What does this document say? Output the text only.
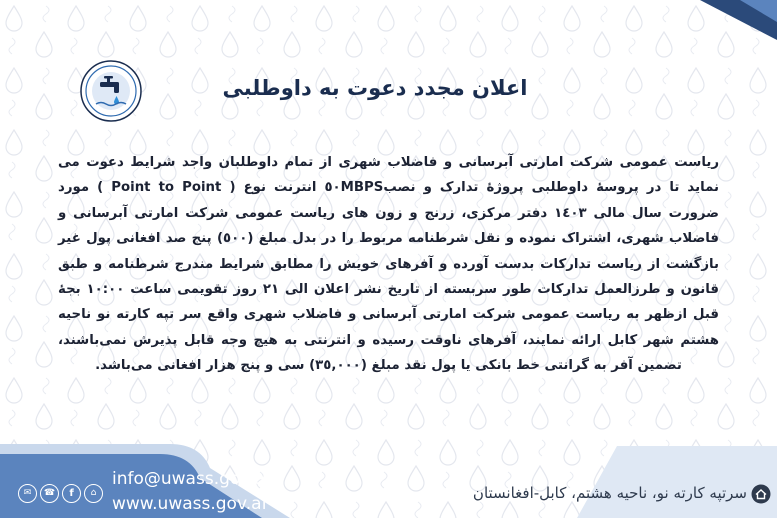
اعلان مجدد دعوت به داوطلبی
ریاست عمومی شرکت امارتی آبرسانی و فاضلاب شهری از تمام داوطلبان واجد شرایط دعوت می نماید تا در پروسهٔ داوطلبی پروژهٔ تدارک و نصب٥٠MBPS انترنت نوع ( Point to Point ) مورد ضرورت سال مالی ١٤٠٣ دفتر مرکزی، زرنج و زون های ریاست عمومی شرکت امارتی آبرسانی و فاضلاب شهری، اشتراک نموده و نقل شرطنامه مربوط را در بدل مبلغ (٥٠٠) پنج صد افغانی پول غیر بازگشت از ریاست تدارکات بدست آورده و آفرهای خویش را مطابق شرایط مندرج شرطنامه و طبق قانون و طرزالعمل تدارکات طور سربسته از تاریخ نشر اعلان الی ٢١ روز تقویمی ساعت ١٠:٠٠ بجهٔ قبل ازظهر به ریاست عمومی شرکت امارتی آبرسانی و فاضلاب شهری واقع سر تپه کارته نو ناحیه هشتم شهر کابل ارائه نمایند، آفرهای ناوقت رسیده و انترنتی به هیچ وجه قابل پذیرش نمی‌باشند، تضمین آفر به گرانتی خط بانکی یا پول نقد مبلغ (٣٥,٠٠٠) سی و پنج هزار افغانی می‌باشد.
info@uwass.gov.af
www.uwass.gov.af
✉	☎	f	⌂	سرتپه کارته نو، ناحیه هشتم، کابل-افغانستان
